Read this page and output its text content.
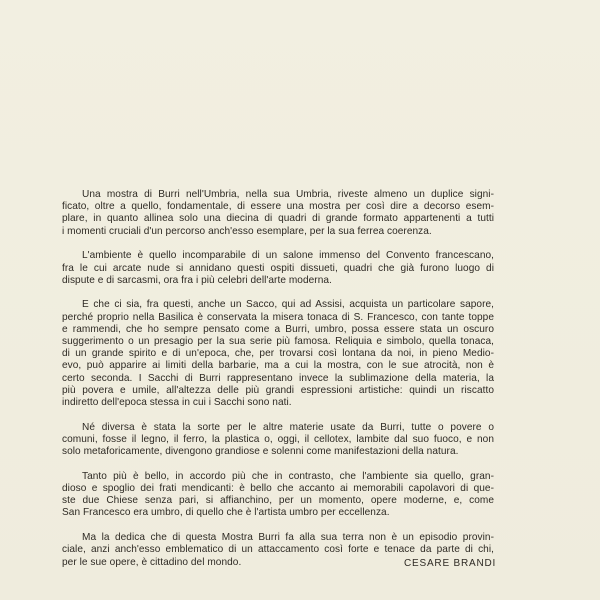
Una mostra di Burri nell'Umbria, nella sua Umbria, riveste almeno un duplice signi-
ficato, oltre a quello, fondamentale, di essere una mostra per così dire a decorso esem-
plare, in quanto allinea solo una diecina di quadri di grande formato appartenenti a tutti
i momenti cruciali d'un percorso anch'esso esemplare, per la sua ferrea coerenza.

L'ambiente è quello incomparabile di un salone immenso del Convento francescano,
fra le cui arcate nude si annidano questi ospiti dissueti, quadri che già furono luogo di
dispute e di sarcasmi, ora fra i più celebri dell'arte moderna.

E che ci sia, fra questi, anche un Sacco, qui ad Assisi, acquista un particolare sapore,
perché proprio nella Basilica è conservata la misera tonaca di S. Francesco, con tante toppe
e rammendi, che ho sempre pensato come a Burri, umbro, possa essere stata un oscuro
suggerimento o un presagio per la sua serie più famosa. Reliquia e simbolo, quella tonaca,
di un grande spirito e di un'epoca, che, per trovarsi così lontana da noi, in pieno Medio-
evo, può apparire ai limiti della barbarie, ma a cui la mostra, con le sue atrocità, non è
certo seconda. I Sacchi di Burri rappresentano invece la sublimazione della materia, la
più povera e umile, all'altezza delle più grandi espressioni artistiche: quindi un riscatto
indiretto dell'epoca stessa in cui i Sacchi sono nati.

Né diversa è stata la sorte per le altre materie usate da Burri, tutte o povere o
comuni, fosse il legno, il ferro, la plastica o, oggi, il cellotex, lambite dal suo fuoco, e non
solo metaforicamente, divengono grandiose e solenni come manifestazioni della natura.

Tanto più è bello, in accordo più che in contrasto, che l'ambiente sia quello, gran-
dioso e spoglio dei frati mendicanti: è bello che accanto ai memorabili capolavori di que-
ste due Chiese senza pari, si affianchino, per un momento, opere moderne, e, come
San Francesco era umbro, di quello che è l'artista umbro per eccellenza.

Ma la dedica che di questa Mostra Burri fa alla sua terra non è un episodio provin-
ciale, anzi anch'esso emblematico di un attaccamento così forte e tenace da parte di chi,
per le sue opere, è cittadino del mondo.	CESARE BRANDI
